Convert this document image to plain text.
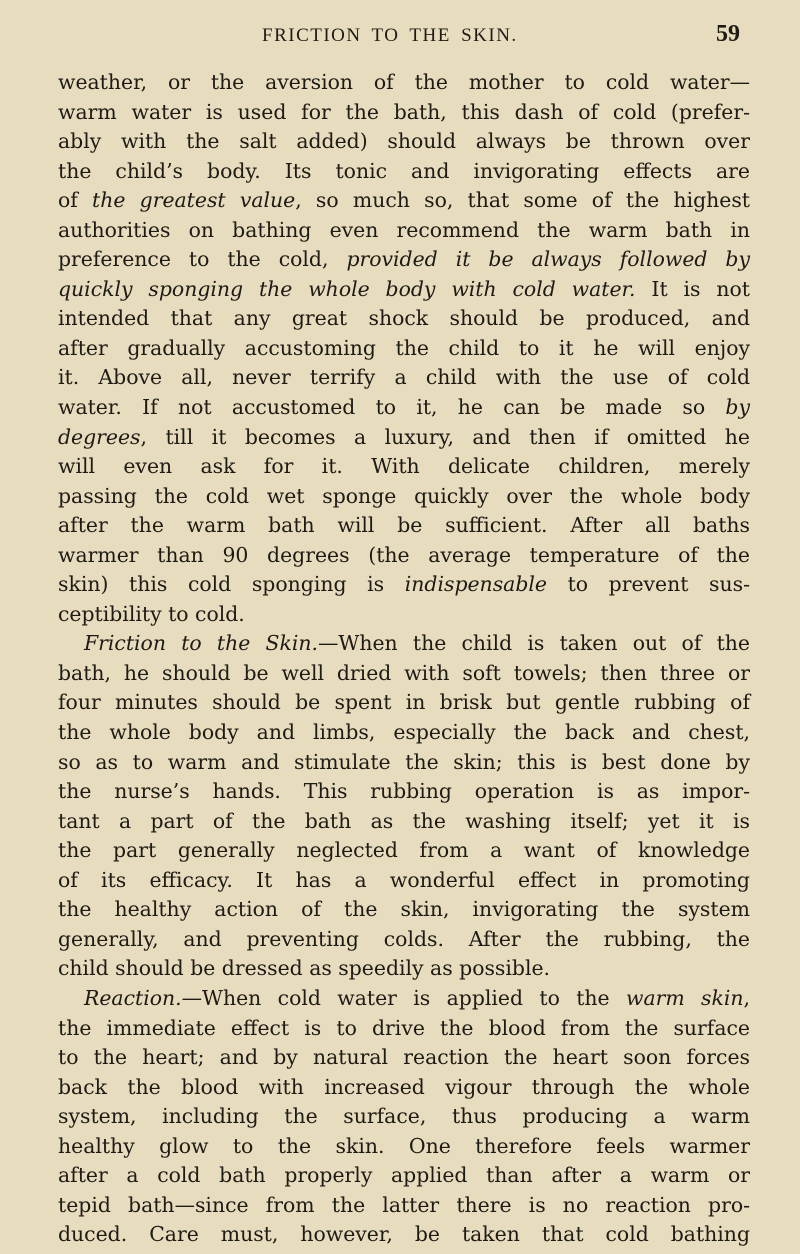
FRICTION TO THE SKIN.	59
weather, or the aversion of the mother to cold water—
warm water is used for the bath, this dash of cold (prefer-
ably with the salt added) should always be thrown over
the child’s body. Its tonic and invigorating effects are
of the greatest value, so much so, that some of the highest
authorities on bathing even recommend the warm bath in
preference to the cold, provided it be always followed by
quickly sponging the whole body with cold water. It is not
intended that any great shock should be produced, and
after gradually accustoming the child to it he will enjoy
it. Above all, never terrify a child with the use of cold
water. If not accustomed to it, he can be made so by
degrees, till it becomes a luxury, and then if omitted he
will even ask for it. With delicate children, merely
passing the cold wet sponge quickly over the whole body
after the warm bath will be sufficient. After all baths
warmer than 90 degrees (the average temperature of the
skin) this cold sponging is indispensable to prevent sus-
ceptibility to cold.
Friction to the Skin.—When the child is taken out of the
bath, he should be well dried with soft towels; then three or
four minutes should be spent in brisk but gentle rubbing of
the whole body and limbs, especially the back and chest,
so as to warm and stimulate the skin; this is best done by
the nurse’s hands. This rubbing operation is as impor-
tant a part of the bath as the washing itself; yet it is
the part generally neglected from a want of knowledge
of its efficacy. It has a wonderful effect in promoting
the healthy action of the skin, invigorating the system
generally, and preventing colds. After the rubbing, the
child should be dressed as speedily as possible.
Reaction.—When cold water is applied to the warm skin,
the immediate effect is to drive the blood from the surface
to the heart; and by natural reaction the heart soon forces
back the blood with increased vigour through the whole
system, including the surface, thus producing a warm
healthy glow to the skin. One therefore feels warmer
after a cold bath properly applied than after a warm or
tepid bath—since from the latter there is no reaction pro-
duced. Care must, however, be taken that cold bathing
